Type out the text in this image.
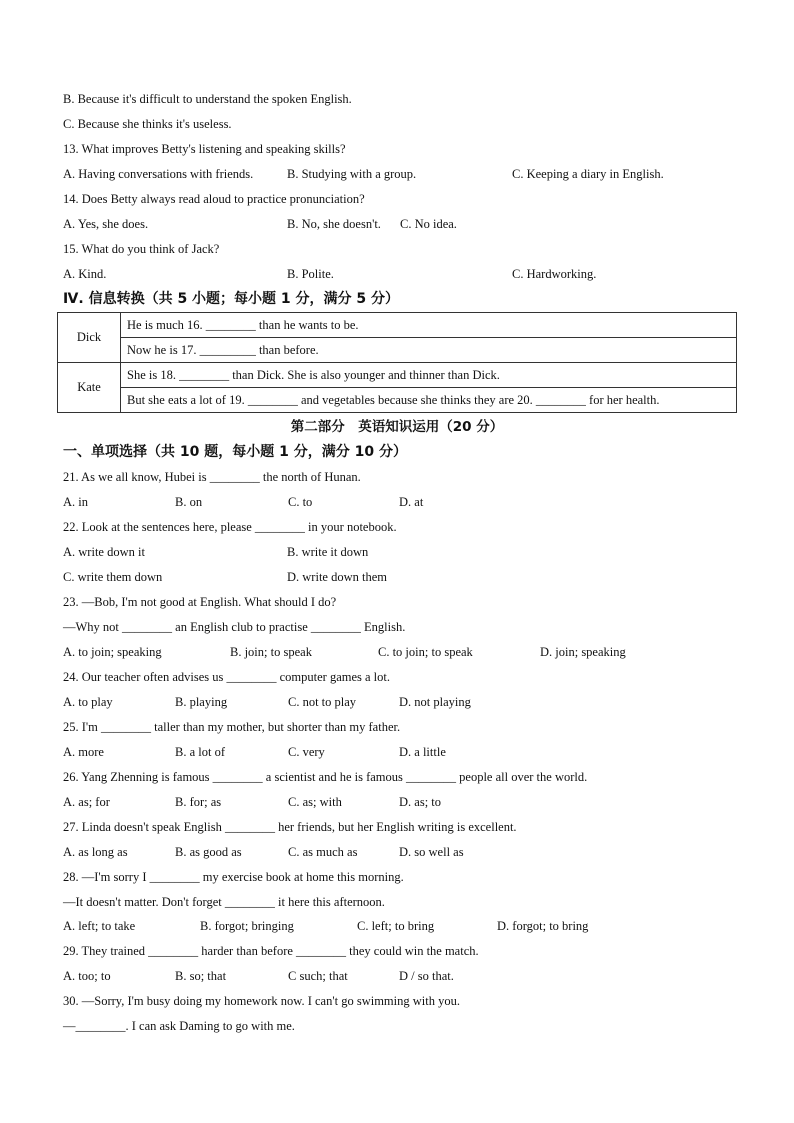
B. Because it's difficult to understand the spoken English.
C. Because she thinks it's useless.
13. What improves Betty's listening and speaking skills?
A. Having conversations with friends.	B. Studying with a group.	C. Keeping a diary in English.
14. Does Betty always read aloud to practice pronunciation?
A. Yes, she does.	B. No, she doesn't. C. No idea.
15. What do you think of Jack?
A. Kind.	B. Polite.	C. Hardworking.
Ⅳ. 信息转换（共 5 小题；每小题 1 分，满分 5 分）
Dick	He is much 16. ________ than he wants to be.
	Now he is 17. _________ than before.
Kate	She is 18. ________ than Dick. She is also younger and thinner than Dick.
	But she eats a lot of 19. ________ and vegetables because she thinks they are 20. ________ for her health.
第二部分　英语知识运用（20 分）
一、单项选择（共 10 题，每小题 1 分，满分 10 分）
21. As we all know, Hubei is ________ the north of Hunan.
A. in	B. on	C. to	D. at
22. Look at the sentences here, please ________ in your notebook.
A. write down it	B. write it down
C. write them down	D. write down them
23. —Bob, I'm not good at English. What should I do?
—Why not ________ an English club to practise ________ English.
A. to join; speaking	B. join; to speak	C. to join; to speak	D. join; speaking
24. Our teacher often advises us ________ computer games a lot.
A. to play	B. playing	C. not to play	D. not playing
25. I'm ________ taller than my mother, but shorter than my father.
A. more	B. a lot of	C. very	D. a little
26. Yang Zhenning is famous ________ a scientist and he is famous ________ people all over the world.
A. as; for	B. for; as	C. as; with	D. as; to
27. Linda doesn't speak English ________ her friends, but her English writing is excellent.
A. as long as	B. as good as	C. as much as	D. so well as
28. —I'm sorry I ________ my exercise book at home this morning.
—It doesn't matter. Don't forget ________ it here this afternoon.
A. left; to take	B. forgot; bringing	C. left; to bring	D. forgot; to bring
29. They trained ________ harder than before ________ they could win the match.
A. too; to	B. so; that	C such; that	D / so that.
30. —Sorry, I'm busy doing my homework now. I can't go swimming with you.
—________. I can ask Daming to go with me.
